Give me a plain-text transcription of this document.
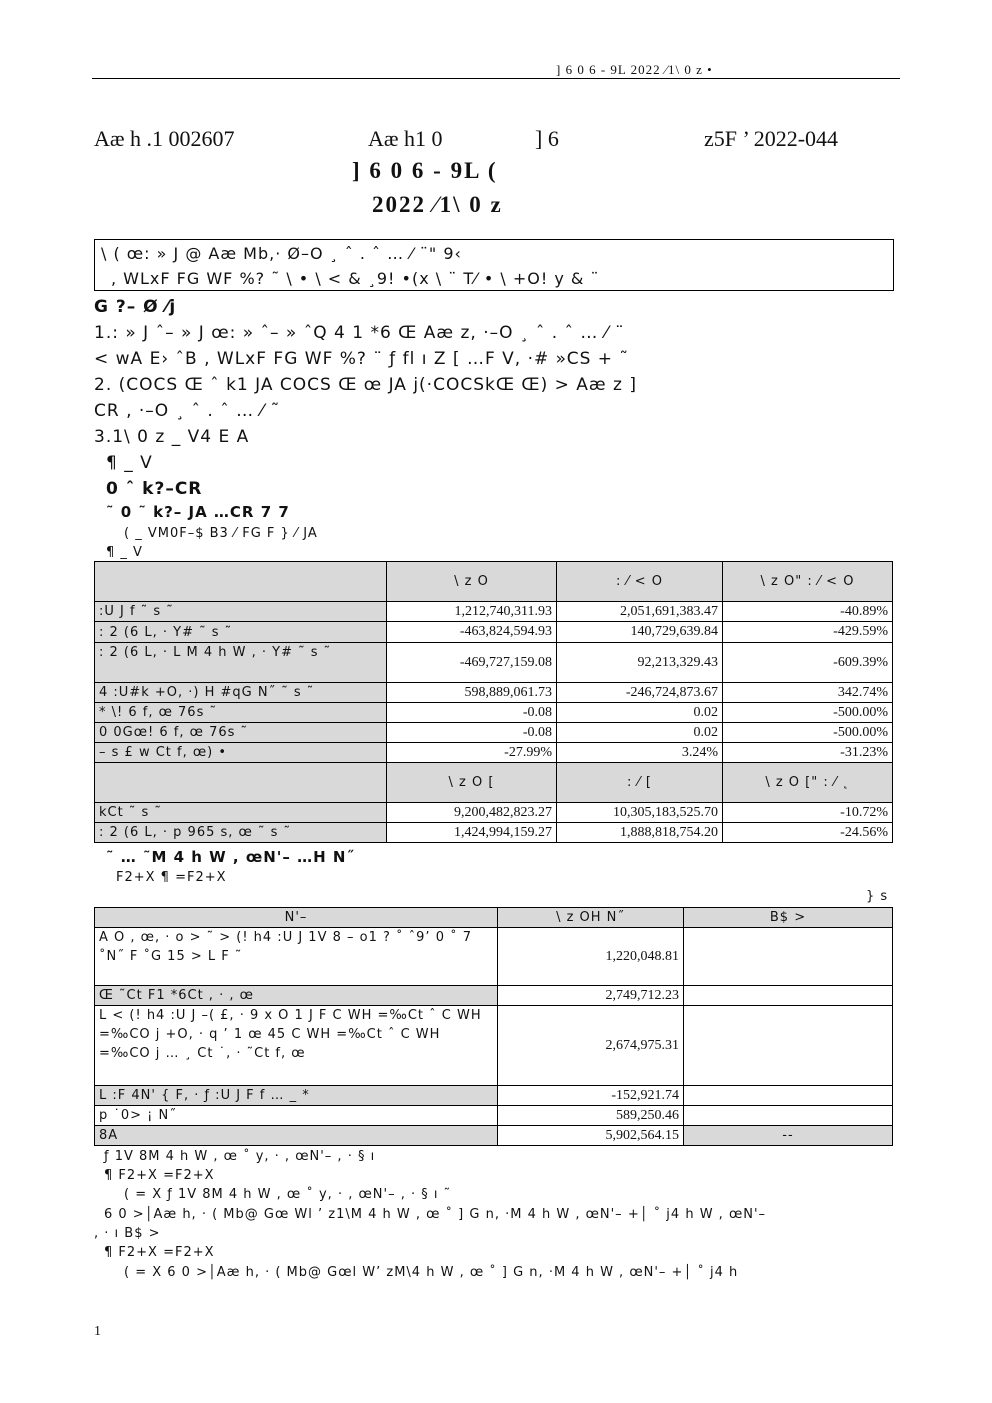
] 6 0 6 - 9L 2022 ⁄1\ 0 z •
Aæ h .1 002607	Aæ h1 0	] 6	z5F ’ 2022-044
] 6 0 6 - 9L (
2022 ⁄1\ 0 z
\ ( œ: » J @ Aæ Mb,· Ø–O ¸ ˆ . ˆ … ⁄ ¨" 9‹
, WLxF FG WF %? ˜ \ • \ < & ¸9! •(x \ ¨ T⁄ • \ +O! y & ¨
G ?– Ø ⁄j
1.: » J ˆ– » J œ: » ˆ– » ˆQ 4 1 *6 Œ Aæ z, ·–O ¸ ˆ . ˆ … ⁄ ¨
< wA E› ˆB , WLxF FG WF %? ¨ ƒ fl ı Z [ …F V, ·# »CS + ˜
2. (COCS Œ ˆ k1 JA COCS Œ œ JA j(·COCSkŒ Œ) > Aæ z ]
CR , ·–O ¸ ˆ . ˆ … ⁄ ˜
3.1\ 0 z _ V4 E A
¶ _ V
0 ˆ k?–CR
˜ 0 ˜ k?– JA …CR 7 7
( _ VM0F–$ B3 ⁄ FG F } ⁄ JA
¶ _ V
	\ z O	: ⁄ < O	\ z O" : ⁄ < O
:U J f ˜ s ˜	1,212,740,311.93	2,051,691,383.47	-40.89%
: 2 (6 L, · Y# ˜ s ˜	-463,824,594.93	140,729,639.84	-429.59%
: 2 (6 L, · L M 4 h W , · Y# ˜ s ˜	-469,727,159.08	92,213,329.43	-609.39%
4 :U#k +O, ·) H #qG N˝ ˜ s ˜	598,889,061.73	-246,724,873.67	342.74%
* \! 6 f, œ 76s ˜	-0.08	0.02	-500.00%
0 0Gœ! 6 f, œ 76s ˜	-0.08	0.02	-500.00%
– s £ w Ct f, œ) •	-27.99%	3.24%	-31.23%
	\ z O [	: ⁄ [	\ z O [" : ⁄ ˛
kCt ˜ s ˜	9,200,482,823.27	10,305,183,525.70	-10.72%
: 2 (6 L, · p 965 s, œ ˜ s ˜	1,424,994,159.27	1,888,818,754.20	-24.56%
˜ … ˜M 4 h W , œN'– …H N˝
F2+X ¶ =F2+X
} s
N'–	\ z OH N˝	B$ >
A O , œ, · o > ˜ > (! h4 :U J 1V 8 – o1 ? ˚ ˆ9’ 0 ˚ 7 ˚N˝ F ˚G 15 > L F ˜	1,220,048.81	
Œ ˜Ct F1 *6Ct , · , œ	2,749,712.23	
L < (! h4 :U J –( £, · 9 x O 1 J F C WH =‰Ct ˆ C WH =‰CO j +O, · q ’ 1 œ 45 C WH =‰Ct ˆ C WH =‰CO j … ¸ Ct ˙, · ˜Ct f, œ	2,674,975.31	
L :F 4N' { F, · ƒ :U J F f … _ *	-152,921.74	
p ˙0> ¡ N˝	589,250.46	
8A	5,902,564.15	--
ƒ 1V 8M 4 h W , œ ˚ y, · , œN'– , · § ı
¶ F2+X =F2+X
( = X ƒ 1V 8M 4 h W , œ ˚ y, · , œN'– , · § ı ˜
6 0 >│Aæ h, · ( Mb@ Gœ Wl ’ z1\M 4 h W , œ ˚ ] G n, ·M 4 h W , œN'– +│ ˚ j4 h W , œN'–
, · ı B$ >
¶ F2+X =F2+X
( = X 6 0 >│Aæ h, · ( Mb@ Gœl W’ zM\4 h W , œ ˚ ] G n, ·M 4 h W , œN'– +│ ˚ j4 h
1
